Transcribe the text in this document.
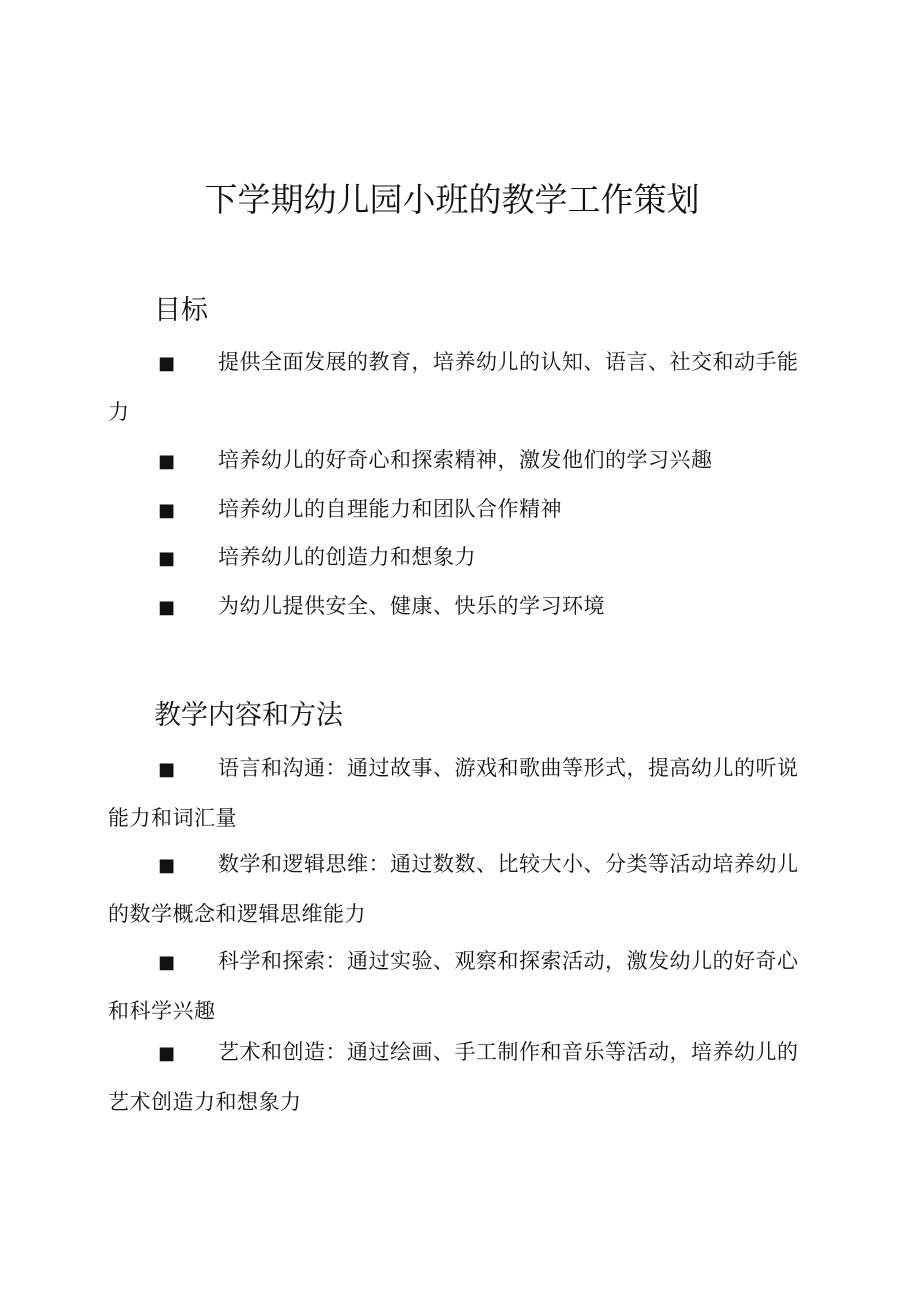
下学期幼儿园小班的教学工作策划
目标

■ 提供全面发展的教育，培养幼儿的认知、语言、社交和动手能力

■ 培养幼儿的好奇心和探索精神，激发他们的学习兴趣

■ 培养幼儿的自理能力和团队合作精神

■ 培养幼儿的创造力和想象力

■ 为幼儿提供安全、健康、快乐的学习环境

教学内容和方法

■ 语言和沟通：通过故事、游戏和歌曲等形式，提高幼儿的听说能力和词汇量

■ 数学和逻辑思维：通过数数、比较大小、分类等活动培养幼儿的数学概念和逻辑思维能力

■ 科学和探索：通过实验、观察和探索活动，激发幼儿的好奇心和科学兴趣

■ 艺术和创造：通过绘画、手工制作和音乐等活动，培养幼儿的艺术创造力和想象力
